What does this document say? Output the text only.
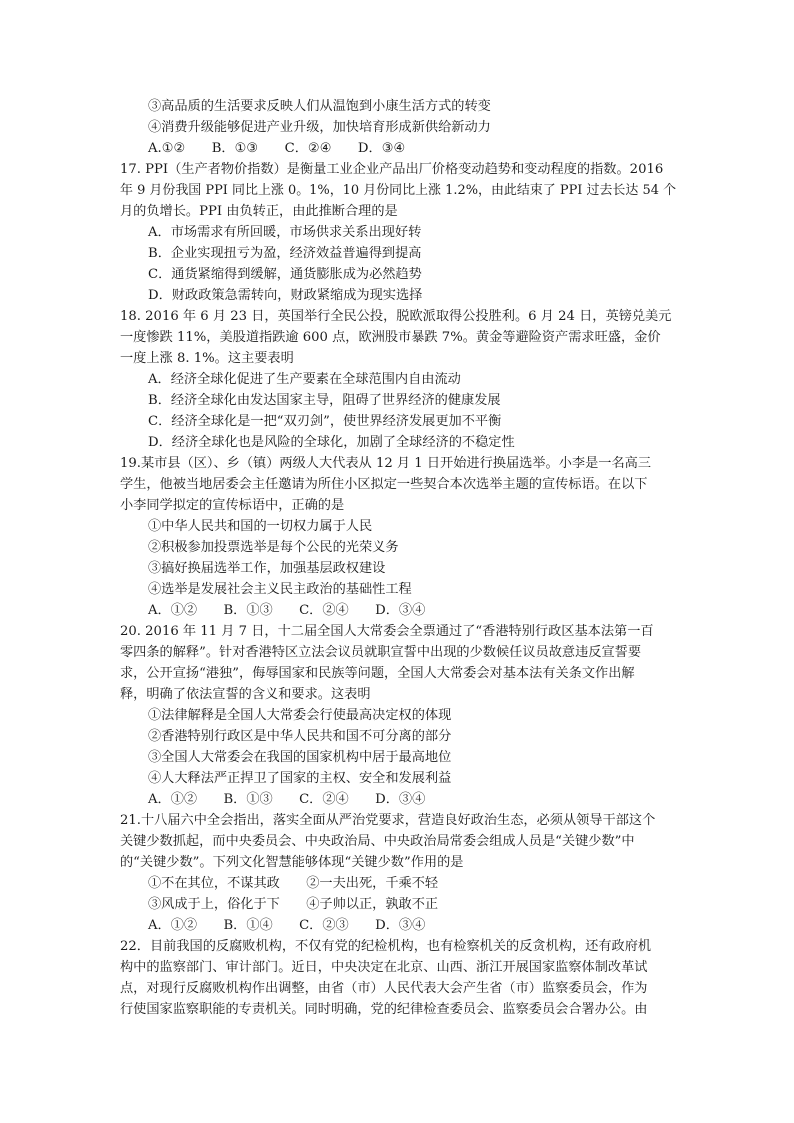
③高品质的生活要求反映人们从温饱到小康生活方式的转变
④消费升级能够促进产业升级，加快培育形成新供给新动力
A.①②　　B．①③　　C．②④　　D．③④
17. PPI（生产者物价指数）是衡量工业企业产品出厂价格变动趋势和变动程度的指数。2016
年 9 月份我国 PPI 同比上涨 0。1%，10 月份同比上涨 1.2%，由此结束了 PPI 过去长达 54 个
月的负增长。PPI 由负转正，由此推断合理的是
A．市场需求有所回暖，市场供求关系出现好转
B．企业实现扭亏为盈，经济效益普遍得到提高
C．通货紧缩得到缓解，通货膨胀成为必然趋势
D．财政政策急需转向，财政紧缩成为现实选择
18. 2016 年 6 月 23 日，英国举行全民公投，脱欧派取得公投胜利。6 月 24 日，英镑兑美元
一度惨跌 11%，美股道指跌逾 600 点，欧洲股市暴跌 7%。黄金等避险资产需求旺盛，金价
一度上涨 8. 1%。这主要表明
A．经济全球化促进了生产要素在全球范围内自由流动
B．经济全球化由发达国家主导，阻碍了世界经济的健康发展
C．经济全球化是一把“双刃剑”，使世界经济发展更加不平衡
D．经济全球化也是风险的全球化，加剧了全球经济的不稳定性
19.某市县（区）、乡（镇）两级人大代表从 12 月 1 日开始进行换届选举。小李是一名高三
学生，他被当地居委会主任邀请为所住小区拟定一些契合本次选举主题的宣传标语。在以下
小李同学拟定的宣传标语中，正确的是
①中华人民共和国的一切权力属于人民
②积极参加投票选举是每个公民的光荣义务
③搞好换届选举工作，加强基层政权建设
④选举是发展社会主义民主政治的基础性工程
A．①②　　B．①③　　C．②④　　D．③④
20. 2016 年 11 月 7 日，十二届全国人大常委会全票通过了“香港特别行政区基本法第一百
零四条的解释”。针对香港特区立法会议员就职宣誓中出现的少数候任议员故意违反宣誓要
求，公开宣扬“港独”，侮辱国家和民族等问题，全国人大常委会对基本法有关条文作出解
释，明确了依法宣誓的含义和要求。这表明
①法律解释是全国人大常委会行使最高决定权的体现
②香港特别行政区是中华人民共和国不可分离的部分
③全国人大常委会在我国的国家机构中居于最高地位
④人大释法严正捍卫了国家的主权、安全和发展利益
A．①②　　B．①③　　C．②④　　D．③④
21.十八届六中全会指出，落实全面从严治党要求，营造良好政治生态，必须从领导干部这个
关键少数抓起，而中央委员会、中央政治局、中央政治局常委会组成人员是“关键少数”中
的“关键少数”。下列文化智慧能够体现“关键少数”作用的是
①不在其位，不谋其政　　②一夫出死，千乘不轻
③风成于上，俗化于下　　④子帅以正，孰敢不正
A．①②　　B．①④　　C．②③　　D．③④
22．目前我国的反腐败机构，不仅有党的纪检机构，也有检察机关的反贪机构，还有政府机
构中的监察部门、审计部门。近日，中央决定在北京、山西、浙江开展国家监察体制改革试
点，对现行反腐败机构作出调整，由省（市）人民代表大会产生省（市）监察委员会，作为
行使国家监察职能的专责机关。同时明确，党的纪律检查委员会、监察委员会合署办公。由
